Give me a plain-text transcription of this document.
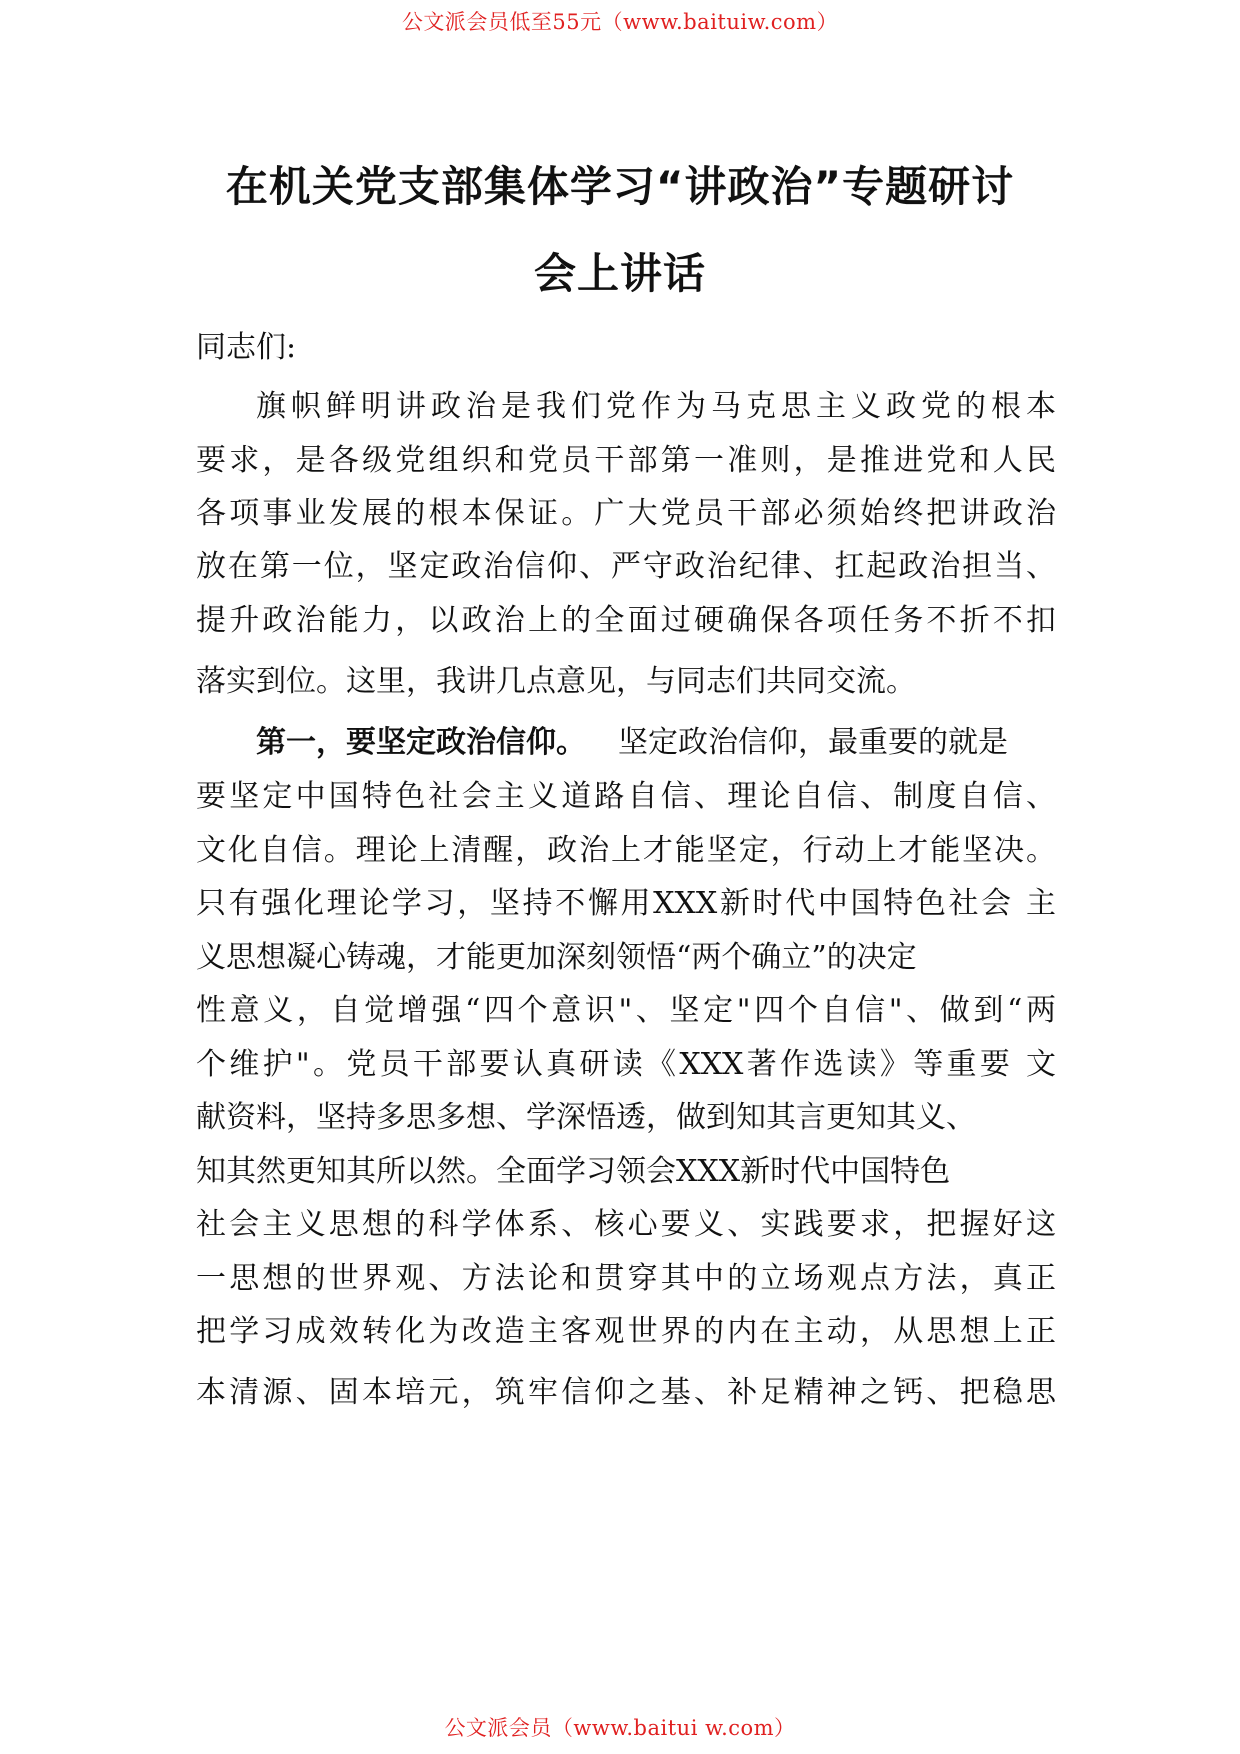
公文派会员低至55元（www.baituiw.com）
在机关党支部集体学习“讲政治”专题研讨
会上讲话
同志们:
旗帜鲜明讲政治是我们党作为马克思主义政党的根本
要求，是各级党组织和党员干部第一准则，是推进党和人民
各项事业发展的根本保证。广大党员干部必须始终把讲政治
放在第一位，坚定政治信仰、严守政治纪律、扛起政治担当、
提升政治能力，以政治上的全面过硬确保各项任务不折不扣
落实到位。这里，我讲几点意见，与同志们共同交流。
第一，要坚定政治信仰。 坚定政治信仰，最重要的就是
要坚定中国特色社会主义道路自信、理论自信、制度自信、
文化自信。理论上清醒，政治上才能坚定，行动上才能坚决。
只有强化理论学习，坚持不懈用XXX新时代中国特色社会 主
义思想凝心铸魂，才能更加深刻领悟“两个确立”的决定
性意义，自觉增强“四个意识"、坚定"四个自信"、做到“两
个维护"。党员干部要认真研读《XXX著作选读》等重要 文
献资料，坚持多思多想、学深悟透，做到知其言更知其义、
知其然更知其所以然。全面学习领会XXX新时代中国特色
社会主义思想的科学体系、核心要义、实践要求，把握好这
一思想的世界观、方法论和贯穿其中的立场观点方法，真正
把学习成效转化为改造主客观世界的内在主动，从思想上正
本清源、固本培元，筑牢信仰之基、补足精神之钙、把稳思
公文派会员（www.baitui w.com）
